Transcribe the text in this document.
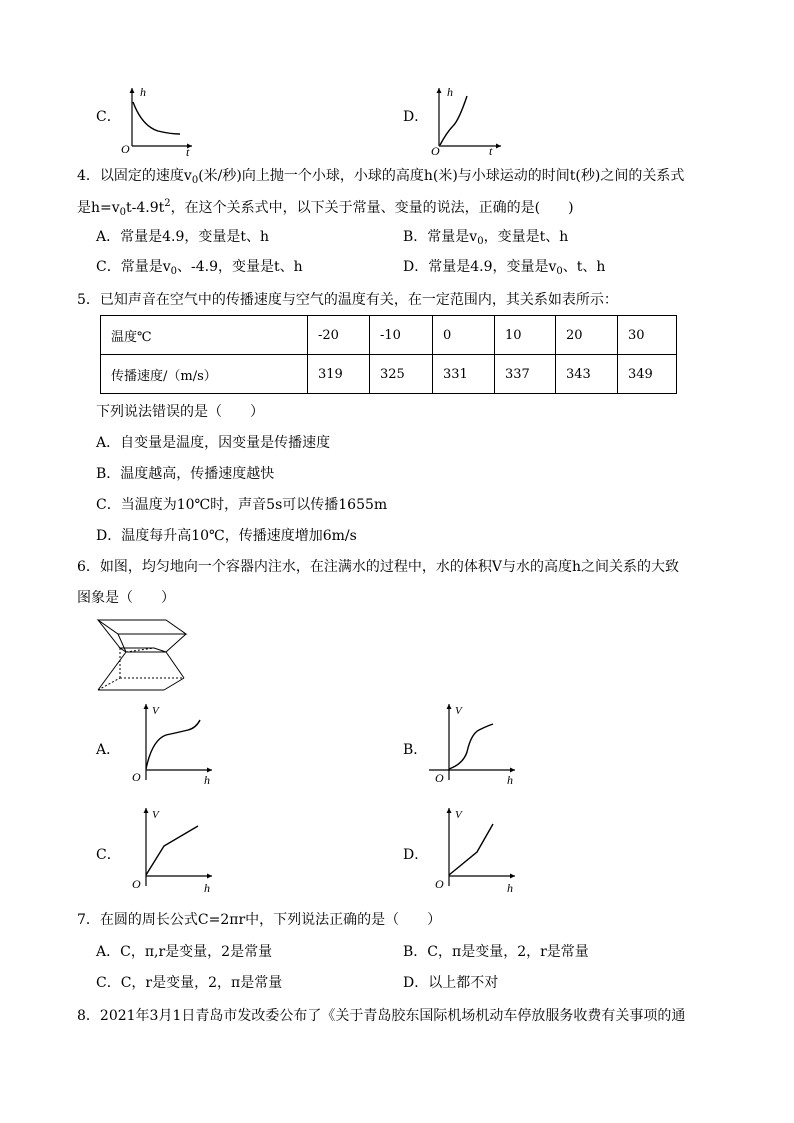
C．
h
O	t
D．
h
O	t
4．以固定的速度$v_0$(米/秒)向上抛一个小球，小球的高度h(米)与小球运动的时间t(秒)之间的关系式
是$h=v_0t-4.9t^2$，在这个关系式中，以下关于常量、变量的说法，正确的是(　　)
A．常量是4.9，变量是t、h	B．常量是$v_0$，变量是t、h
C．常量是$v_0$、-4.9，变量是t、h	D．常量是4.9，变量是$v_0$、t、h
5．已知声音在空气中的传播速度与空气的温度有关，在一定范围内，其关系如表所示：
温度℃	-20	-10	0	10	20	30
传播速度/（m/s）	319	325	331	337	343	349
下列说法错误的是（　　）
A．自变量是温度，因变量是传播速度
B．温度越高，传播速度越快
C．当温度为10℃时，声音5s可以传播1655m
D．温度每升高10℃，传播速度增加6m/s
6．如图，均匀地向一个容器内注水，在注满水的过程中，水的体积V与水的高度h之间关系的大致
图象是（　　）
A．
V
O	h
B．
V
O	h
C．
V
O	h
D．
V
O	h
7．在圆的周长公式C=2πr中，下列说法正确的是（　　）
A．C，π,r是变量，2是常量	B．C，π是变量，2，r是常量
C．C，r是变量，2，π是常量	D．以上都不对
8．2021年3月1日青岛市发改委公布了《关于青岛胶东国际机场机动车停放服务收费有关事项的通
